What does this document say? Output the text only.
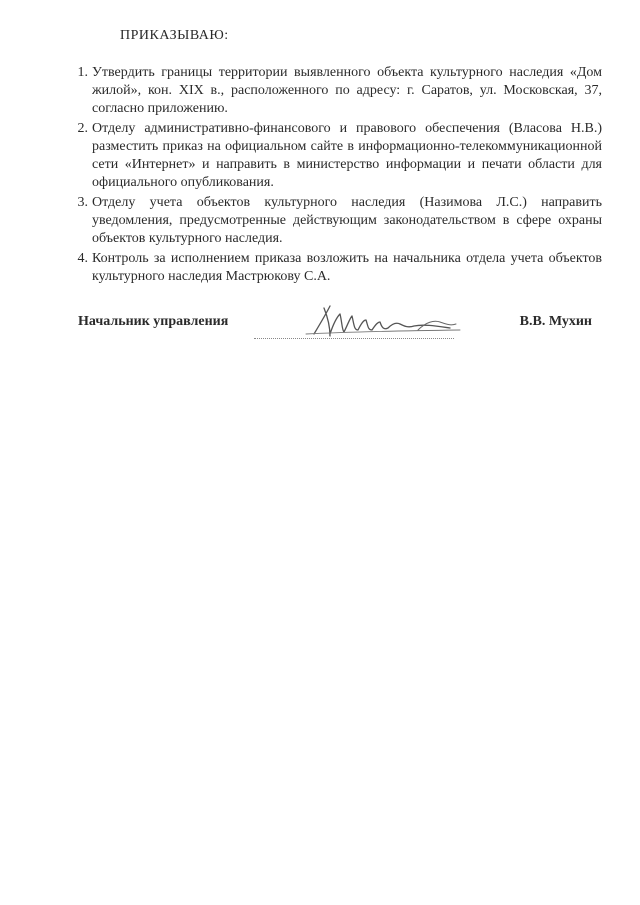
ПРИКАЗЫВАЮ:
1. Утвердить границы территории выявленного объекта культурного наследия «Дом жилой», кон. XIX в., расположенного по адресу: г. Саратов, ул. Московская, 37, согласно приложению.
2. Отделу административно-финансового и правового обеспечения (Власова Н.В.) разместить приказ на официальном сайте в информационно-телекоммуникационной сети «Интернет» и направить в министерство информации и печати области для официального опубликования.
3. Отделу учета объектов культурного наследия (Назимова Л.С.) направить уведомления, предусмотренные действующим законодательством в сфере охраны объектов культурного наследия.
4. Контроль за исполнением приказа возложить на начальника отдела учета объектов культурного наследия Мастрюкову С.А.
Начальник управления	В.В. Мухин
